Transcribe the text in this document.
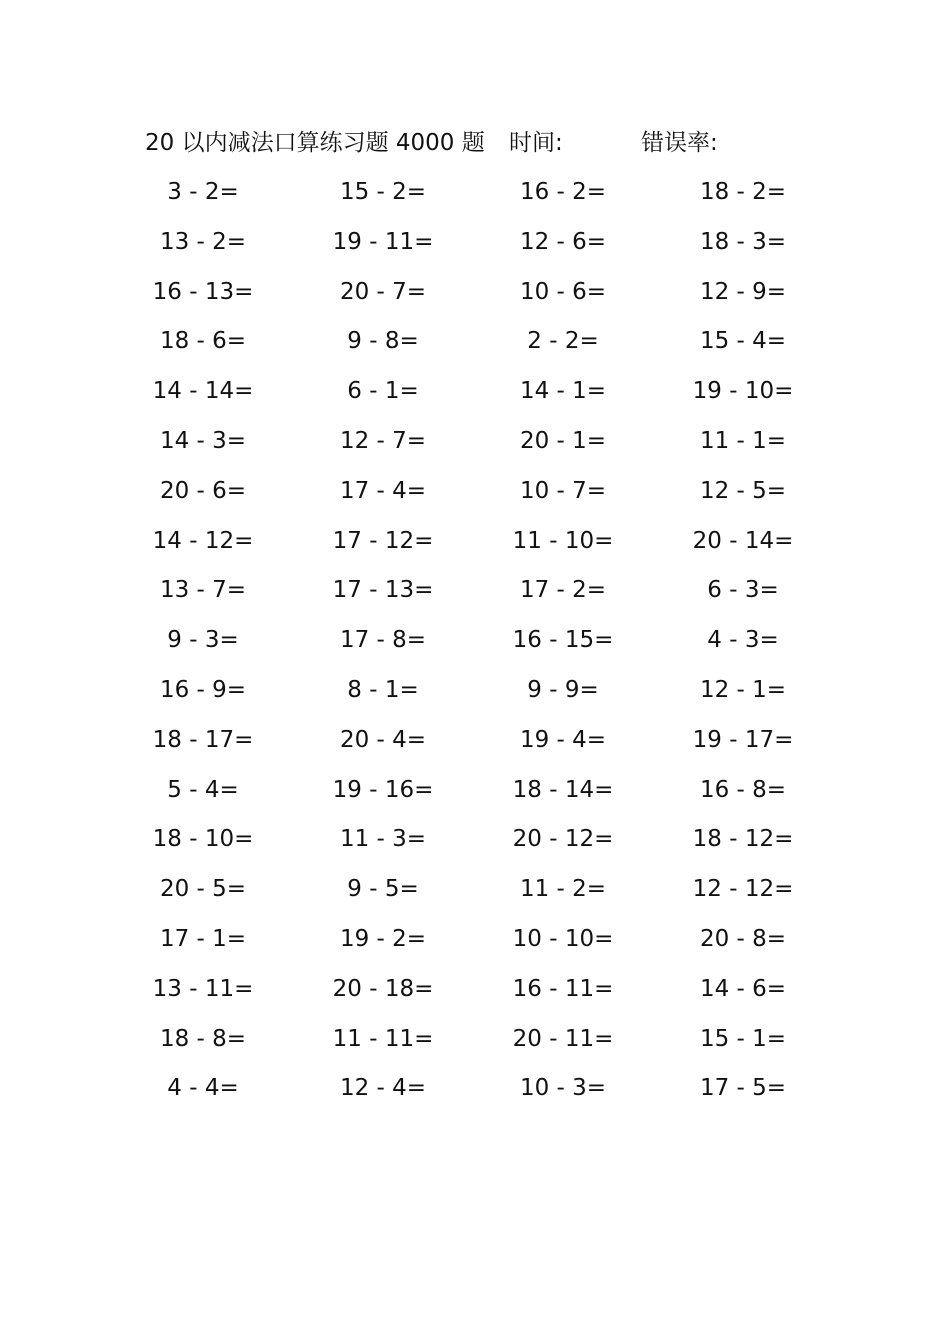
20 以内减法口算练习题 4000 题 时间:	错误率:
3 - 2=	15 - 2=	16 - 2=	18 - 2=
13 - 2=	19 - 11=	12 - 6=	18 - 3=
16 - 13=	20 - 7=	10 - 6=	12 - 9=
18 - 6=	9 - 8=	2 - 2=	15 - 4=
14 - 14=	6 - 1=	14 - 1=	19 - 10=
14 - 3=	12 - 7=	20 - 1=	11 - 1=
20 - 6=	17 - 4=	10 - 7=	12 - 5=
14 - 12=	17 - 12=	11 - 10=	20 - 14=
13 - 7=	17 - 13=	17 - 2=	6 - 3=
9 - 3=	17 - 8=	16 - 15=	4 - 3=
16 - 9=	8 - 1=	9 - 9=	12 - 1=
18 - 17=	20 - 4=	19 - 4=	19 - 17=
5 - 4=	19 - 16=	18 - 14=	16 - 8=
18 - 10=	11 - 3=	20 - 12=	18 - 12=
20 - 5=	9 - 5=	11 - 2=	12 - 12=
17 - 1=	19 - 2=	10 - 10=	20 - 8=
13 - 11=	20 - 18=	16 - 11=	14 - 6=
18 - 8=	11 - 11=	20 - 11=	15 - 1=
4 - 4=	12 - 4=	10 - 3=	17 - 5=
